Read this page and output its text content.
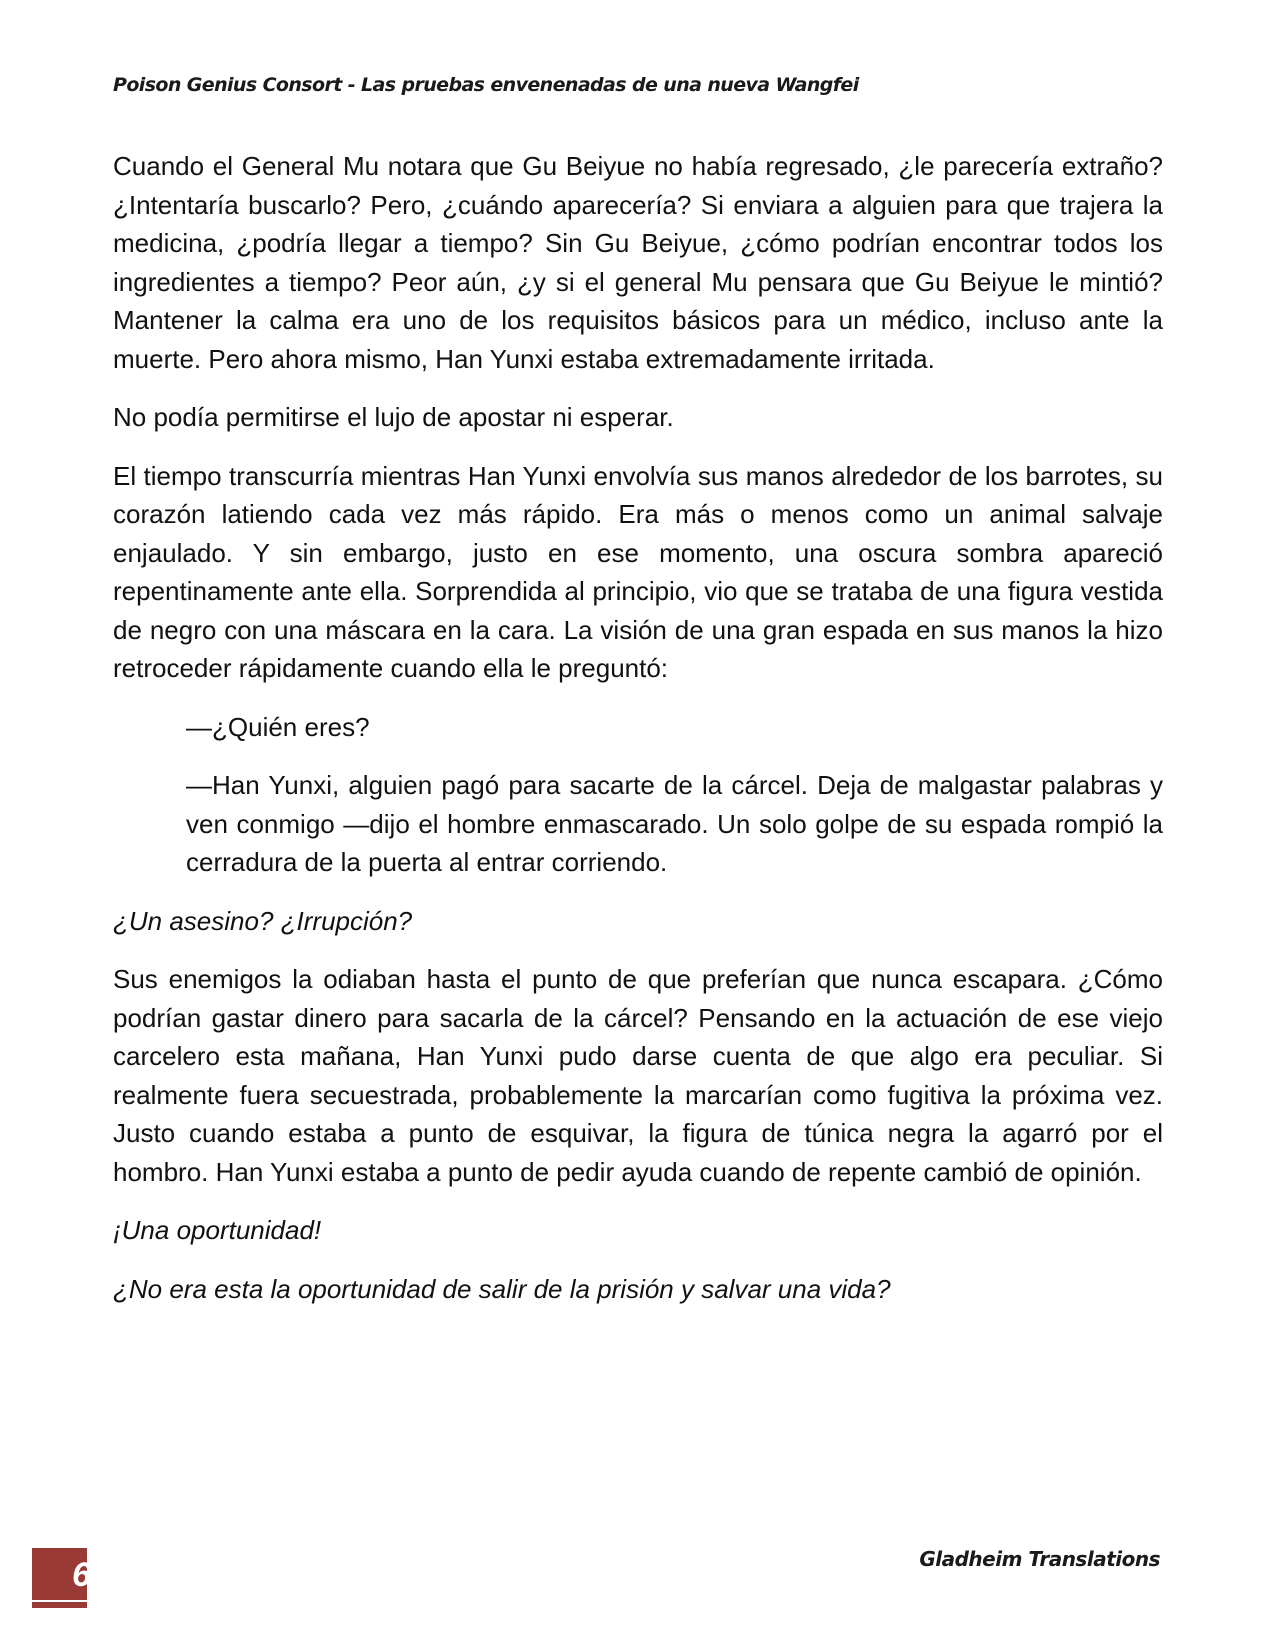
Poison Genius Consort - Las pruebas envenenadas de una nueva Wangfei

Cuando el General Mu notara que Gu Beiyue no había regresado, ¿le parecería extraño? ¿Intentaría buscarlo? Pero, ¿cuándo aparecería? Si enviara a alguien para que trajera la medicina, ¿podría llegar a tiempo? Sin Gu Beiyue, ¿cómo podrían encontrar todos los ingredientes a tiempo? Peor aún, ¿y si el general Mu pensara que Gu Beiyue le mintió? Mantener la calma era uno de los requisitos básicos para un médico, incluso ante la muerte. Pero ahora mismo, Han Yunxi estaba extremadamente irritada.

No podía permitirse el lujo de apostar ni esperar.

El tiempo transcurría mientras Han Yunxi envolvía sus manos alrededor de los barrotes, su corazón latiendo cada vez más rápido. Era más o menos como un animal salvaje enjaulado. Y sin embargo, justo en ese momento, una oscura sombra apareció repentinamente ante ella. Sorprendida al principio, vio que se trataba de una figura vestida de negro con una máscara en la cara. La visión de una gran espada en sus manos la hizo retroceder rápidamente cuando ella le preguntó:

—¿Quién eres?

—Han Yunxi, alguien pagó para sacarte de la cárcel. Deja de malgastar palabras y ven conmigo —dijo el hombre enmascarado. Un solo golpe de su espada rompió la cerradura de la puerta al entrar corriendo.

¿Un asesino? ¿Irrupción?

Sus enemigos la odiaban hasta el punto de que preferían que nunca escapara. ¿Cómo podrían gastar dinero para sacarla de la cárcel? Pensando en la actuación de ese viejo carcelero esta mañana, Han Yunxi pudo darse cuenta de que algo era peculiar. Si realmente fuera secuestrada, probablemente la marcarían como fugitiva la próxima vez. Justo cuando estaba a punto de esquivar, la figura de túnica negra la agarró por el hombro. Han Yunxi estaba a punto de pedir ayuda cuando de repente cambió de opinión.

¡Una oportunidad!

¿No era esta la oportunidad de salir de la prisión y salvar una vida?

6	Gladheim Translations
